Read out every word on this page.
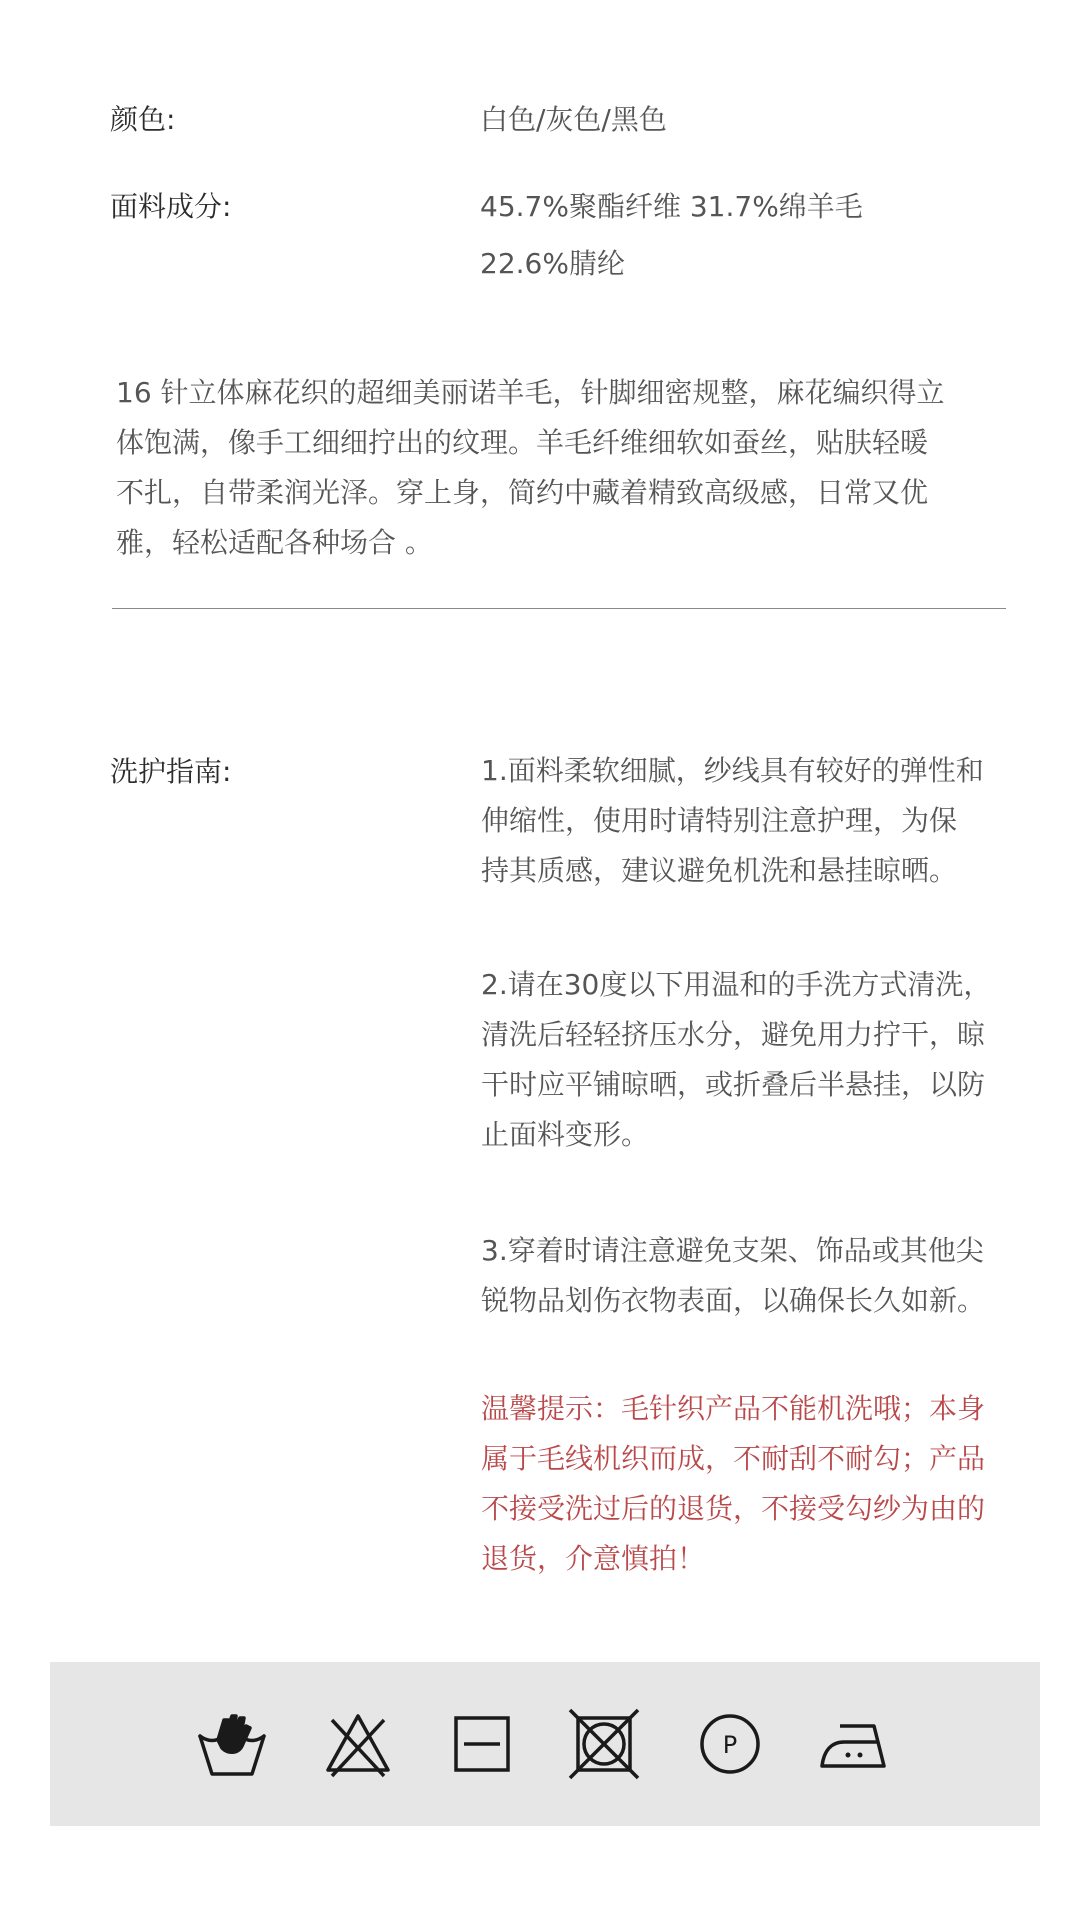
颜色:	白色/灰色/黑色
面料成分:	45.7%聚酯纤维 31.7%绵羊毛
22.6%腈纶
16 针立体麻花织的超细美丽诺羊毛，针脚细密规整，麻花编织得立
体饱满，像手工细细拧出的纹理。羊毛纤维细软如蚕丝，贴肤轻暖
不扎，自带柔润光泽。穿上身，简约中藏着精致高级感，日常又优
雅，轻松适配各种场合 。
洗护指南:	1.面料柔软细腻，纱线具有较好的弹性和
伸缩性，使用时请特别注意护理，为保
持其质感，建议避免机洗和悬挂晾晒。
2.请在30度以下用温和的手洗方式清洗，
清洗后轻轻挤压水分，避免用力拧干，晾
干时应平铺晾晒，或折叠后半悬挂，以防
止面料变形。
3.穿着时请注意避免支架、饰品或其他尖
锐物品划伤衣物表面，以确保长久如新。
温馨提示：毛针织产品不能机洗哦；本身
属于毛线机织而成，不耐刮不耐勾；产品
不接受洗过后的退货，不接受勾纱为由的
退货，介意慎拍！
P
